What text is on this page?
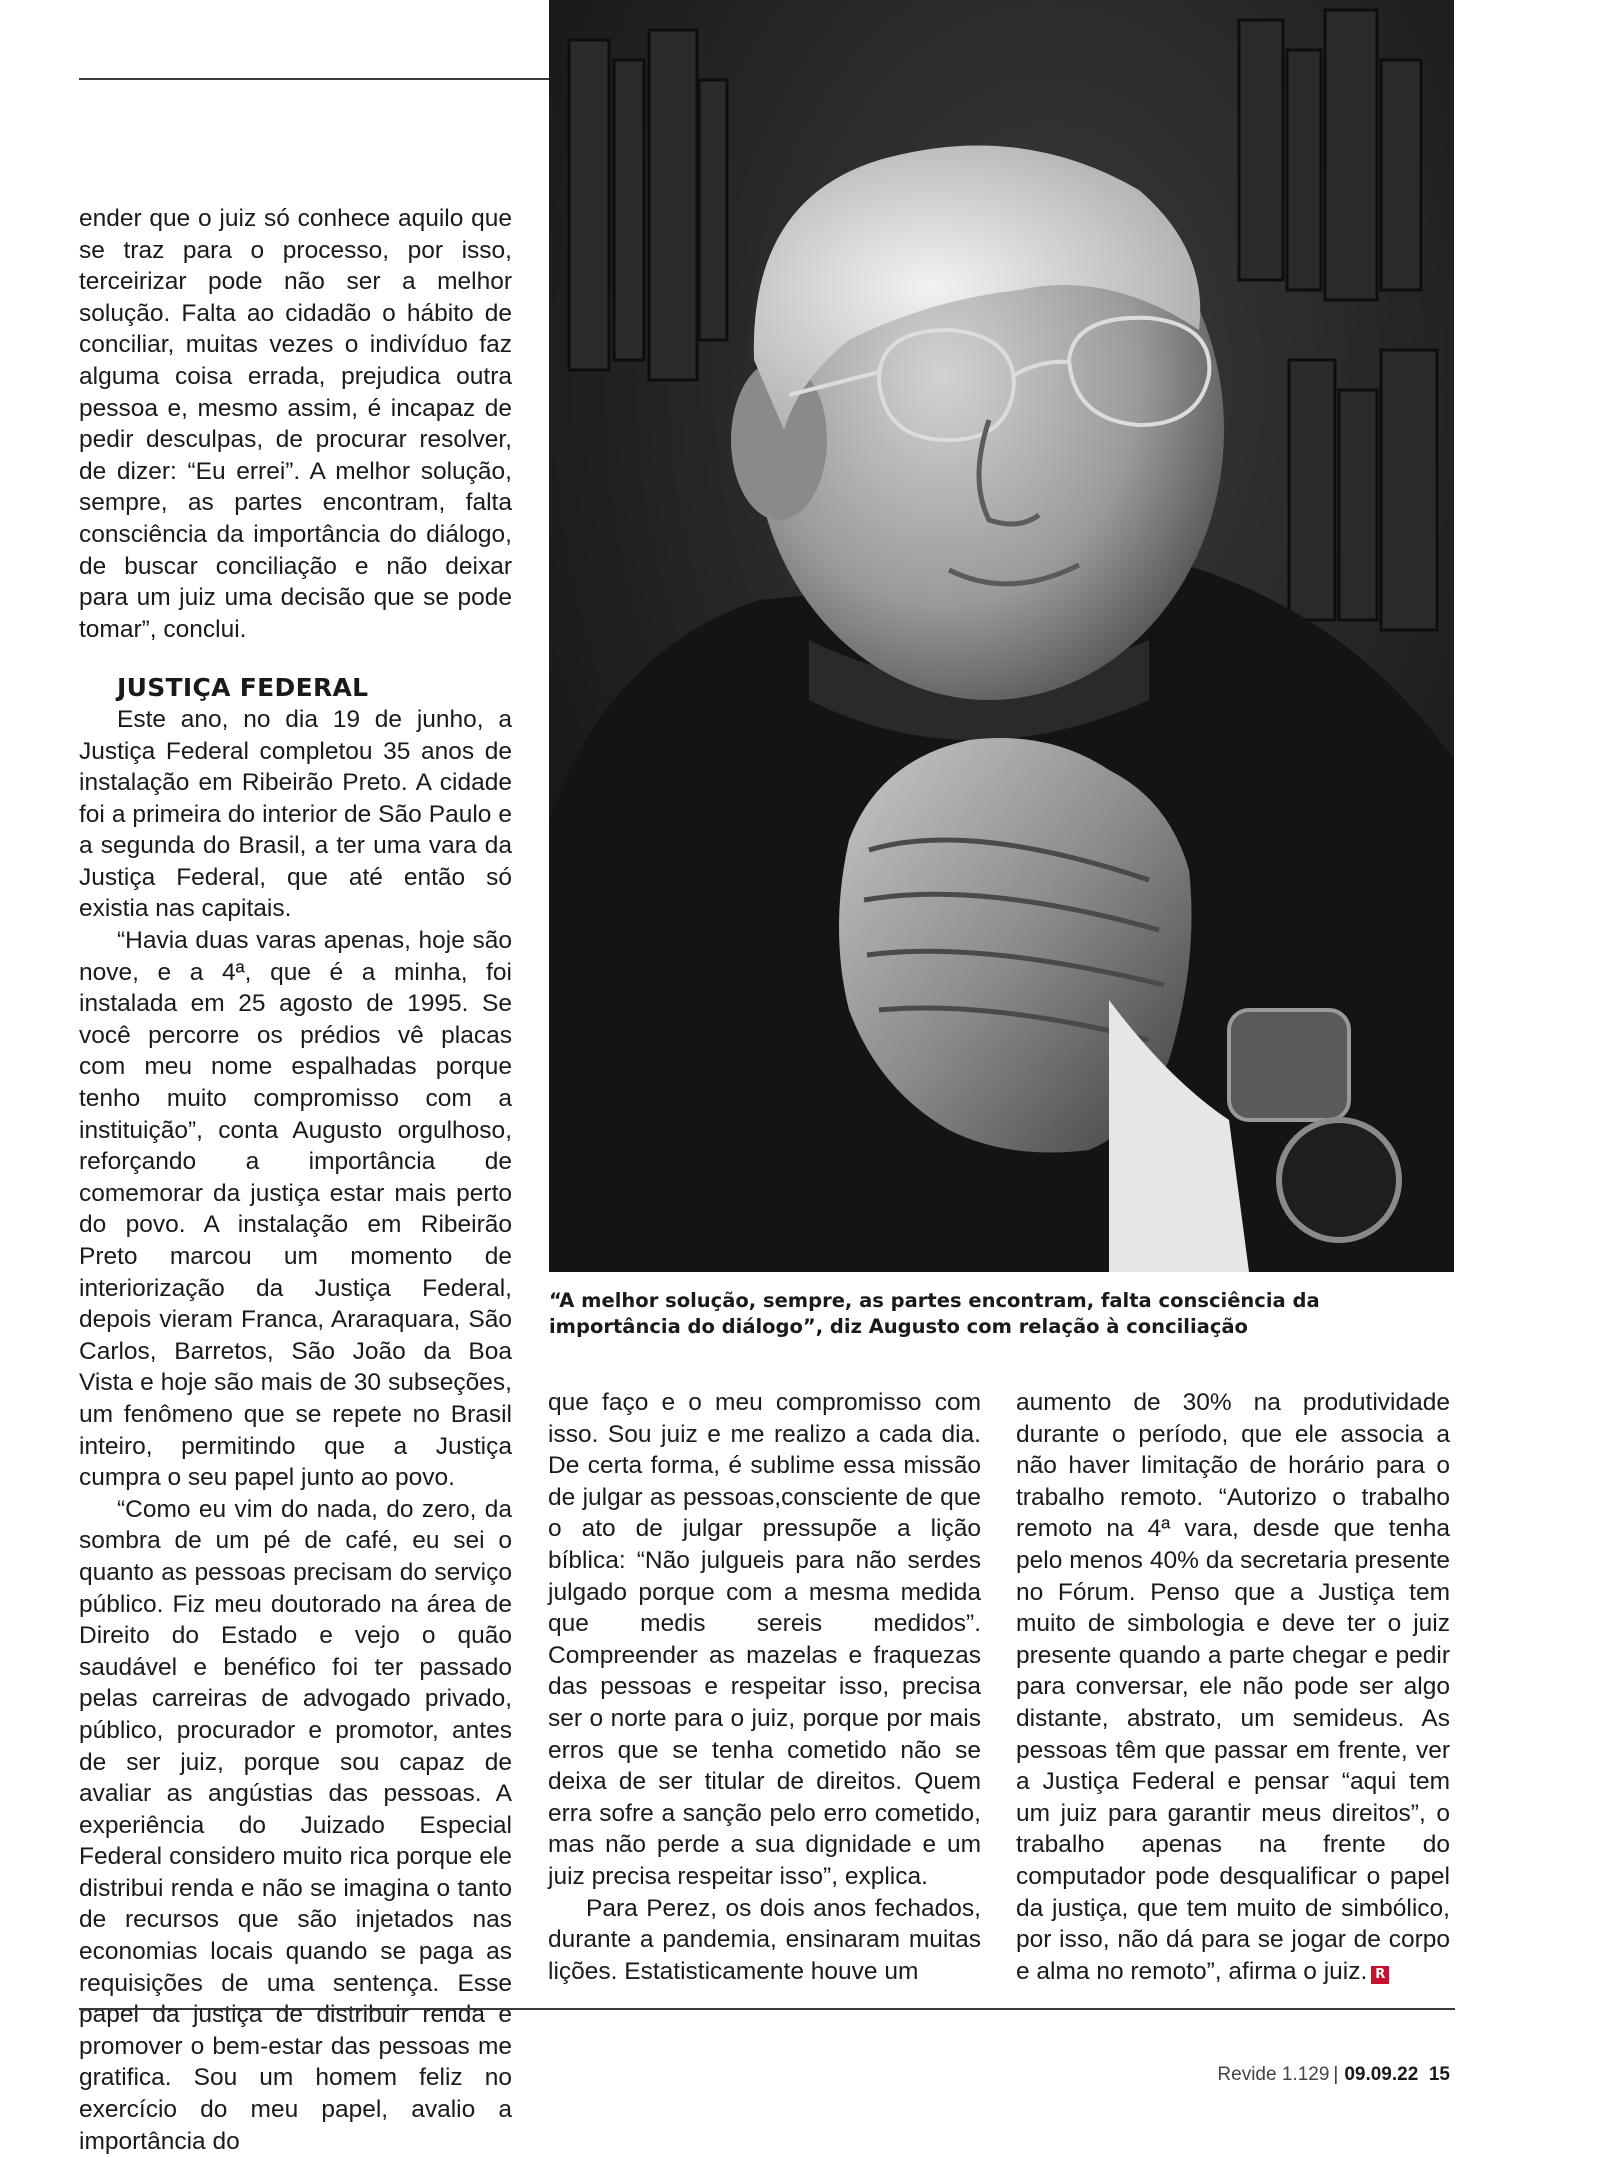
ender que o juiz só conhece aquilo que se traz para o processo, por isso, terceirizar pode não ser a melhor solução. Falta ao cidadão o hábito de conciliar, muitas vezes o indivíduo faz alguma coisa errada, prejudica outra pessoa e, mesmo assim, é incapaz de pedir desculpas, de procurar resolver, de dizer: “Eu errei”. A melhor solução, sempre, as partes encontram, falta consciência da importância do diálogo, de buscar conciliação e não deixar para um juiz uma decisão que se pode tomar”, conclui.

JUSTIÇA FEDERAL

Este ano, no dia 19 de junho, a Justiça Federal completou 35 anos de instalação em Ribeirão Preto. A cidade foi a primeira do interior de São Paulo e a segunda do Brasil, a ter uma vara da Justiça Federal, que até então só existia nas capitais.

“Havia duas varas apenas, hoje são nove, e a 4ª, que é a minha, foi instalada em 25 agosto de 1995. Se você percorre os prédios vê placas com meu nome espalhadas porque tenho muito compromisso com a instituição”, conta Augusto orgulhoso, reforçando a importância de comemorar da justiça estar mais perto do povo. A instalação em Ribeirão Preto marcou um momento de interiorização da Justiça Federal, depois vieram Franca, Araraquara, São Carlos, Barretos, São João da Boa Vista e hoje são mais de 30 subseções, um fenômeno que se repete no Brasil inteiro, permitindo que a Justiça cumpra o seu papel junto ao povo.

“Como eu vim do nada, do zero, da sombra de um pé de café, eu sei o quanto as pessoas precisam do serviço público. Fiz meu doutorado na área de Direito do Estado e vejo o quão saudável e benéfico foi ter passado pelas carreiras de advogado privado, público, procurador e promotor, antes de ser juiz, porque sou capaz de avaliar as angústias das pessoas. A experiência do Juizado Especial Federal considero muito rica porque ele distribui renda e não se imagina o tanto de recursos que são injetados nas economias locais quando se paga as requisições de uma sentença. Esse papel da justiça de distribuir renda e promover o bem-estar das pessoas me gratifica. Sou um homem feliz no exercício do meu papel, avalio a importância do

“A melhor solução, sempre, as partes encontram, falta consciência da importância do diálogo”, diz Augusto com relação à conciliação

que faço e o meu compromisso com isso. Sou juiz e me realizo a cada dia. De certa forma, é sublime essa missão de julgar as pessoas,consciente de que o ato de julgar pressupõe a lição bíblica: “Não julgueis para não serdes julgado porque com a mesma medida que medis sereis medidos”. Compreender as mazelas e fraquezas das pessoas e respeitar isso, precisa ser o norte para o juiz, porque por mais erros que se tenha cometido não se deixa de ser titular de direitos. Quem erra sofre a sanção pelo erro cometido, mas não perde a sua dignidade e um juiz precisa respeitar isso”, explica.

Para Perez, os dois anos fechados, durante a pandemia, ensinaram muitas lições. Estatisticamente houve um

aumento de 30% na produtividade durante o período, que ele associa a não haver limitação de horário para o trabalho remoto. “Autorizo o trabalho remoto na 4ª vara, desde que tenha pelo menos 40% da secretaria presente no Fórum. Penso que a Justiça tem muito de simbologia e deve ter o juiz presente quando a parte chegar e pedir para conversar, ele não pode ser algo distante, abstrato, um semideus. As pessoas têm que passar em frente, ver a Justiça Federal e pensar “aqui tem um juiz para garantir meus direitos”, o trabalho apenas na frente do computador pode desqualificar o papel da justiça, que tem muito de simbólico, por isso, não dá para se jogar de corpo e alma no remoto”, afirma o juiz. R

Revide 1.129 | 09.09.22 15
